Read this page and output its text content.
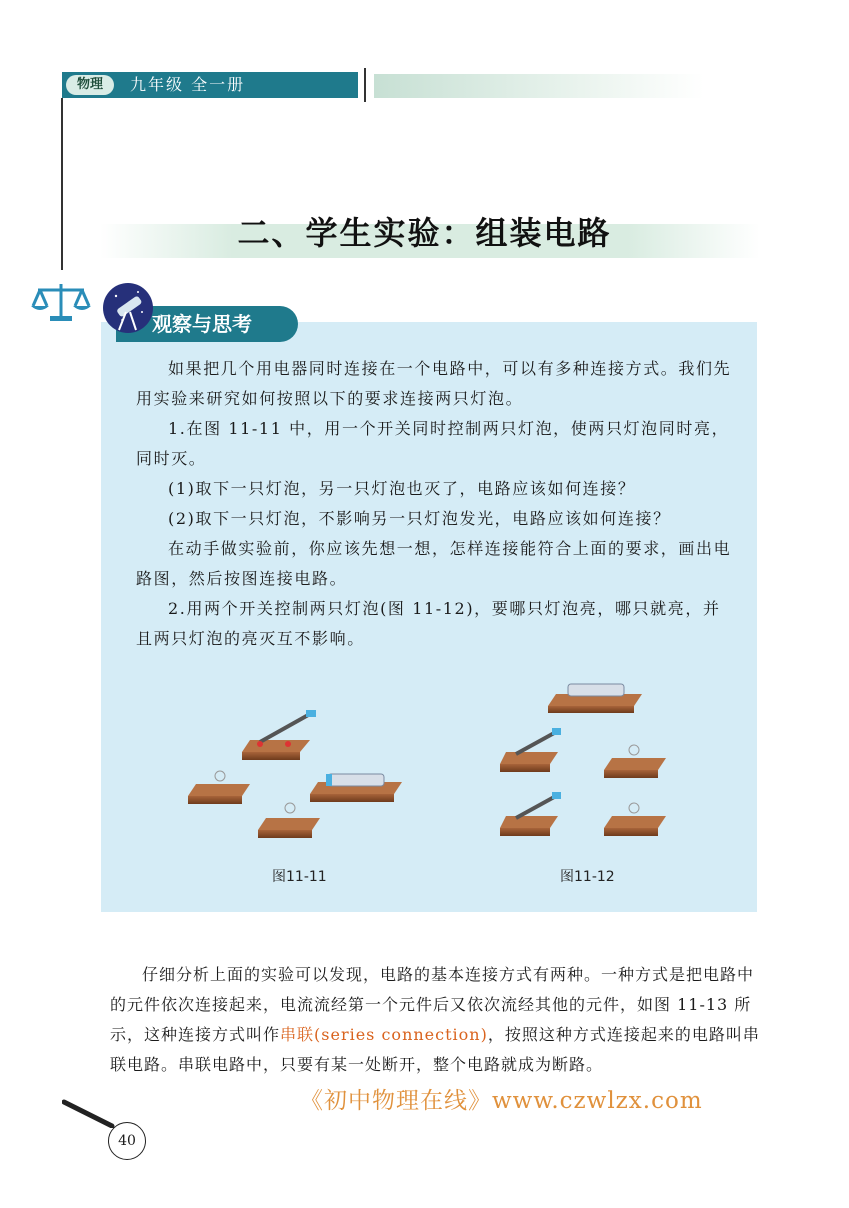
物理	九年级 全一册
二、学生实验：组装电路
观察与思考
如果把几个用电器同时连接在一个电路中，可以有多种连接方式。我们先用实验来研究如何按照以下的要求连接两只灯泡。
1.在图 11-11 中，用一个开关同时控制两只灯泡，使两只灯泡同时亮，同时灭。
(1)取下一只灯泡，另一只灯泡也灭了，电路应该如何连接？
(2)取下一只灯泡，不影响另一只灯泡发光，电路应该如何连接？
在动手做实验前，你应该先想一想，怎样连接能符合上面的要求，画出电路图，然后按图连接电路。
2.用两个开关控制两只灯泡(图 11-12)，要哪只灯泡亮，哪只就亮，并且两只灯泡的亮灭互不影响。
图11-11	图11-12
仔细分析上面的实验可以发现，电路的基本连接方式有两种。一种方式是把电路中的元件依次连接起来，电流流经第一个元件后又依次流经其他的元件，如图 11-13 所示，这种连接方式叫作串联(series connection)，按照这种方式连接起来的电路叫串联电路。串联电路中，只要有某一处断开，整个电路就成为断路。
《初中物理在线》www.czwlzx.com
40
